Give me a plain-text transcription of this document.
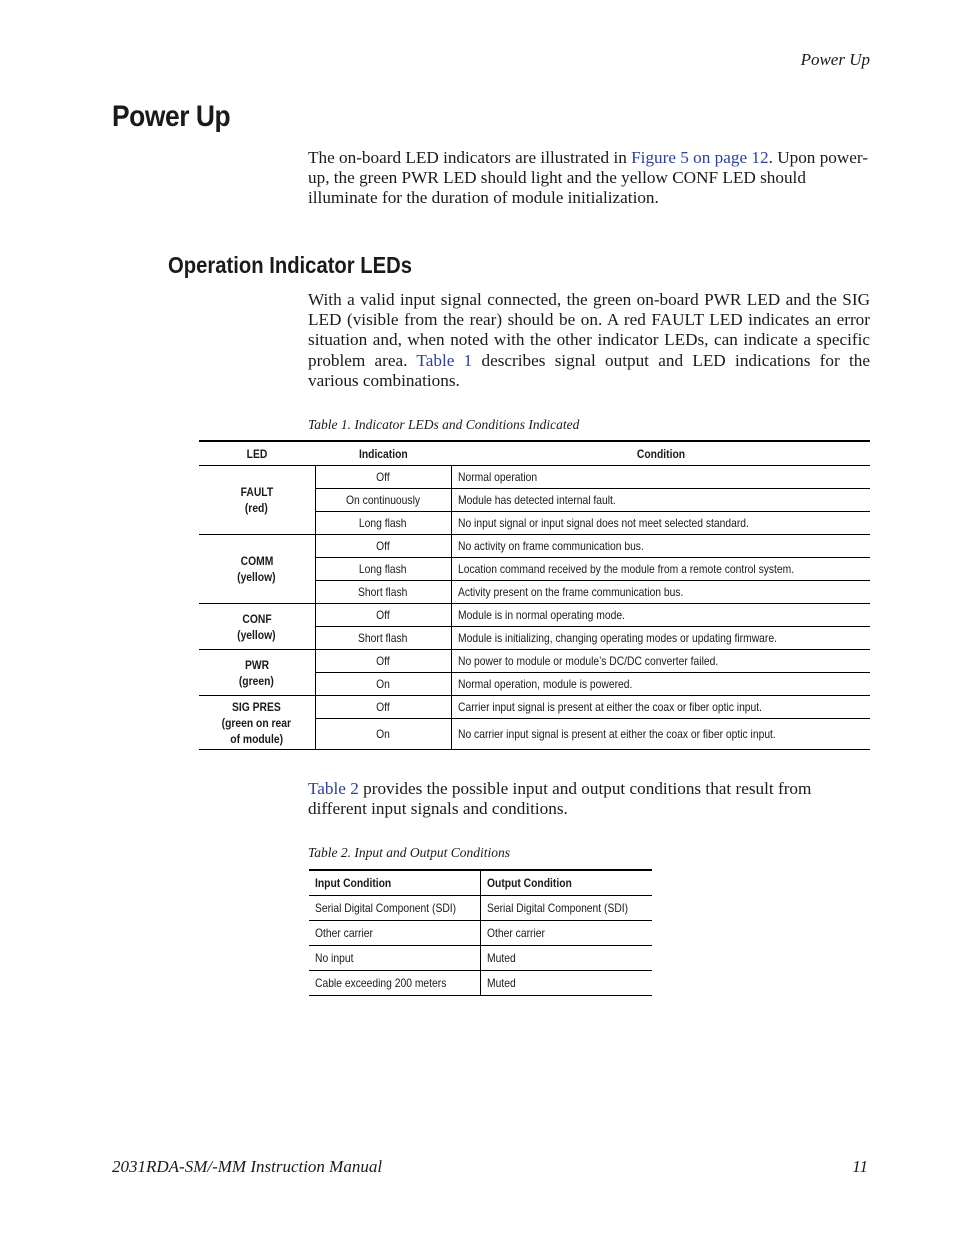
Power Up
Power Up

The on-board LED indicators are illustrated in Figure 5 on page 12. Upon power-up, the green PWR LED should light and the yellow CONF LED should illuminate for the duration of module initialization.

Operation Indicator LEDs

With a valid input signal connected, the green on-board PWR LED and the SIG LED (visible from the rear) should be on. A red FAULT LED indicates an error situation and, when noted with the other indicator LEDs, can indicate a specific problem area. Table 1 describes signal output and LED indications for the various combinations.

Table 1. Indicator LEDs and Conditions Indicated
LED	Indication	Condition
FAULT
(red)	Off	Normal operation
	On continuously	Module has detected internal fault.
	Long flash	No input signal or input signal does not meet selected standard.
COMM
(yellow)	Off	No activity on frame communication bus.
	Long flash	Location command received by the module from a remote control system.
	Short flash	Activity present on the frame communication bus.
CONF
(yellow)	Off	Module is in normal operating mode.
	Short flash	Module is initializing, changing operating modes or updating firmware.
PWR
(green)	Off	No power to module or module’s DC/DC converter failed.
	On	Normal operation, module is powered.
SIG PRES
(green on rear
of module)	Off	Carrier input signal is present at either the coax or fiber optic input.
	On	No carrier input signal is present at either the coax or fiber optic input.

Table 2 provides the possible input and output conditions that result from different input signals and conditions.

Table 2. Input and Output Conditions
Input Condition	Output Condition
Serial Digital Component (SDI)	Serial Digital Component (SDI)
Other carrier	Other carrier
No input	Muted
Cable exceeding 200 meters	Muted
2031RDA-SM/-MM Instruction Manual	11
